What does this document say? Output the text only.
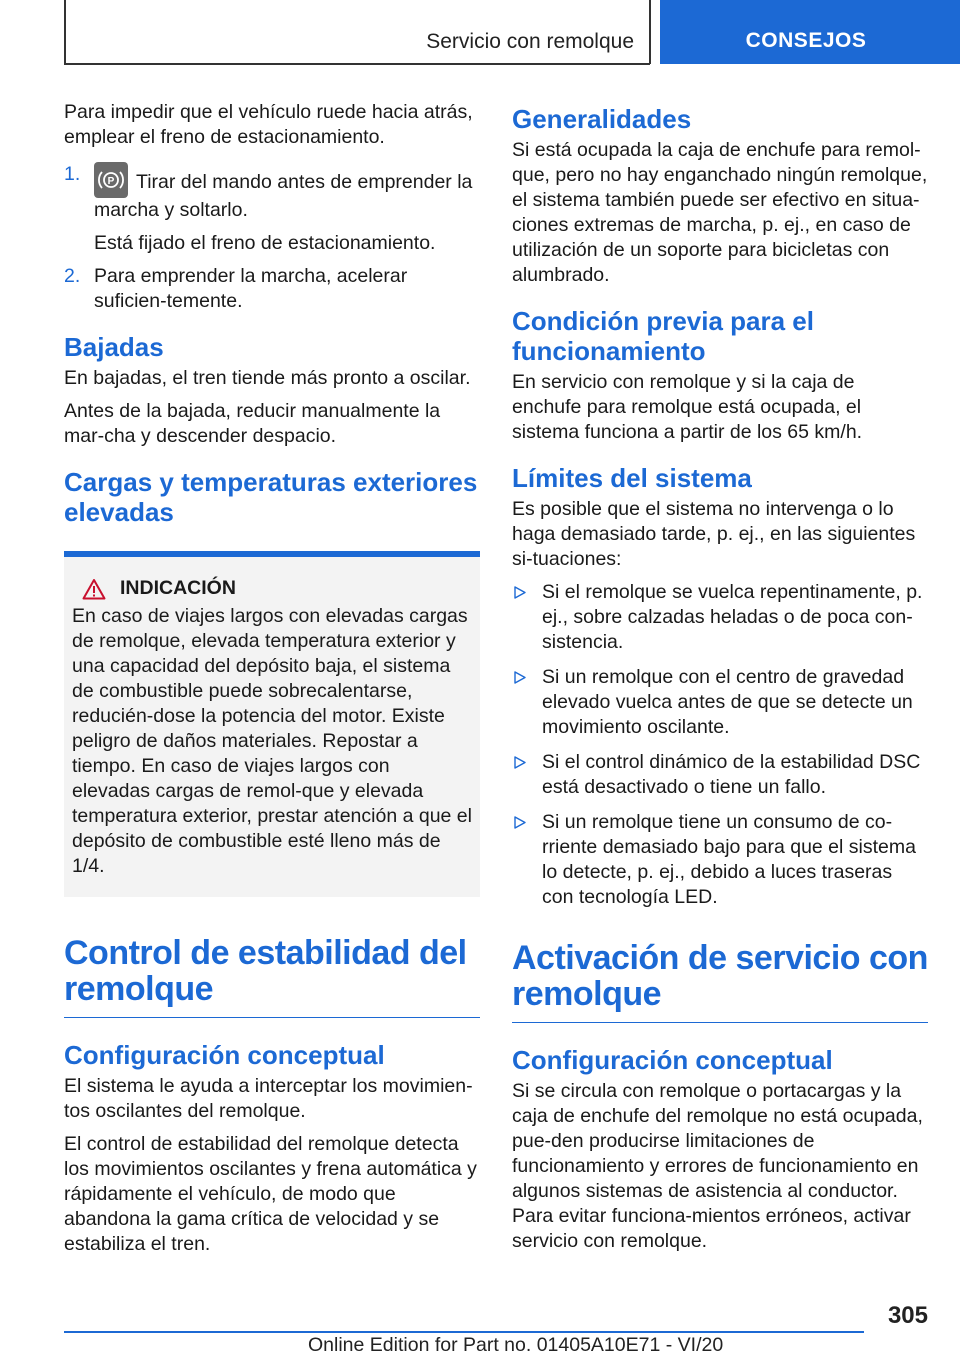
Servicio con remolque	CONSEJOS

Para impedir que el vehículo ruede hacia atrás, emplear el freno de estacionamiento.

1.	P Tirar del mando antes de emprender la marcha y soltarlo.
Está fijado el freno de estacionamiento.
2. Para emprender la marcha, acelerar suficien-temente.
Bajadas

En bajadas, el tren tiende más pronto a oscilar.

Antes de la bajada, reducir manualmente la mar-cha y descender despacio.

Cargas y temperaturas exteriores elevadas
INDICACIÓN

En caso de viajes largos con elevadas cargas de remolque, elevada temperatura exterior y una capacidad del depósito baja, el sistema de combustible puede sobrecalentarse, reducién-dose la potencia del motor. Existe peligro de daños materiales. Repostar a tiempo. En caso de viajes largos con elevadas cargas de remol-que y elevada temperatura exterior, prestar atención a que el depósito de combustible esté lleno más de 1/4.

Control de estabilidad del remolque
Configuración conceptual

El sistema le ayuda a interceptar los movimien-tos oscilantes del remolque.

El control de estabilidad del remolque detecta los movimientos oscilantes y frena automática y rápidamente el vehículo, de modo que abandona la gama crítica de velocidad y se estabiliza el tren.

Generalidades

Si está ocupada la caja de enchufe para remol-que, pero no hay enganchado ningún remolque, el sistema también puede ser efectivo en situa-ciones extremas de marcha, p. ej., en caso de utilización de un soporte para bicicletas con alumbrado.

Condición previa para el funcionamiento

En servicio con remolque y si la caja de enchufe para remolque está ocupada, el sistema funciona a partir de los 65 km/h.

Límites del sistema

Es posible que el sistema no intervenga o lo haga demasiado tarde, p. ej., en las siguientes si-tuaciones:

Si el remolque se vuelca repentinamente, p. ej., sobre calzadas heladas o de poca con-sistencia.
Si un remolque con el centro de gravedad elevado vuelca antes de que se detecte un movimiento oscilante.
Si el control dinámico de la estabilidad DSC está desactivado o tiene un fallo.
Si un remolque tiene un consumo de co-rriente demasiado bajo para que el sistema lo detecte, p. ej., debido a luces traseras con tecnología LED.
Activación de servicio con remolque
Configuración conceptual

Si se circula con remolque o portacargas y la caja de enchufe del remolque no está ocupada, pue-den producirse limitaciones de funcionamiento y errores de funcionamiento en algunos sistemas de asistencia al conductor. Para evitar funciona-mientos erróneos, activar servicio con remolque.

305
Online Edition for Part no. 01405A10E71 - VI/20
